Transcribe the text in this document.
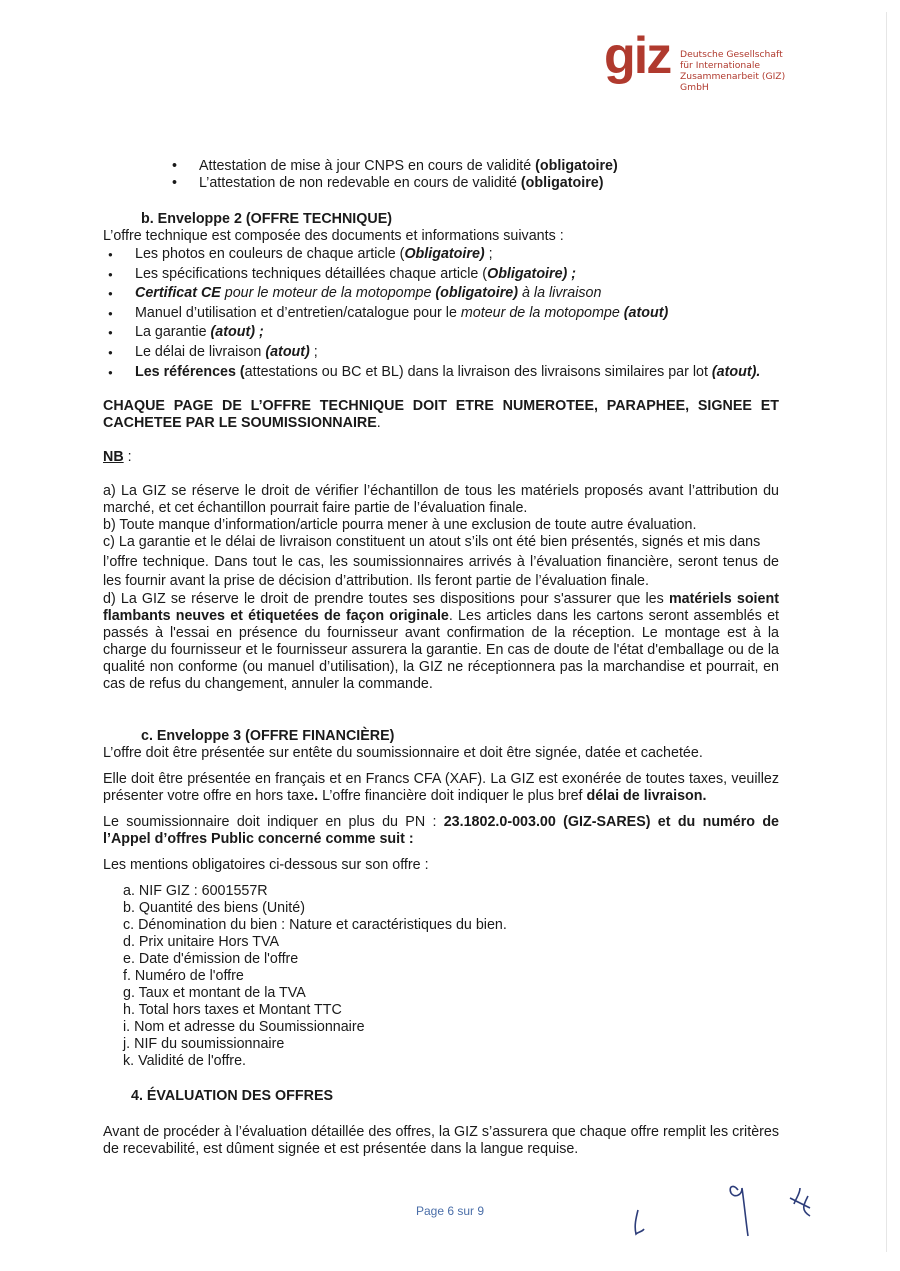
giz Deutsche Gesellschaft
für Internationale
Zusammenarbeit (GIZ) GmbH
• Attestation de mise à jour CNPS en cours de validité (obligatoire)
• L’attestation de non redevable en cours de validité (obligatoire)
b. Enveloppe 2 (OFFRE TECHNIQUE)
L’offre technique est composée des documents et informations suivants :
● Les photos en couleurs de chaque article (Obligatoire) ;
● Les spécifications techniques détaillées chaque article (Obligatoire) ;
● Certificat CE pour le moteur de la motopompe (obligatoire) à la livraison
● Manuel d’utilisation et d’entretien/catalogue pour le moteur de la motopompe (atout)
● La garantie (atout) ;
● Le délai de livraison (atout) ;
● Les références (attestations ou BC et BL) dans la livraison des livraisons similaires par lot (atout).
CHAQUE PAGE DE L’OFFRE TECHNIQUE DOIT ETRE NUMEROTEE, PARAPHEE, SIGNEE ET CACHETEE PAR LE SOUMISSIONNAIRE.
NB :
a) La GIZ se réserve le droit de vérifier l’échantillon de tous les matériels proposés avant l’attribution du marché, et cet échantillon pourrait faire partie de l’évaluation finale.
b) Toute manque d’information/article pourra mener à une exclusion de toute autre évaluation.
c) La garantie et le délai de livraison constituent un atout s’ils ont été bien présentés, signés et mis dans
l’offre technique. Dans tout le cas, les soumissionnaires arrivés à l’évaluation financière, seront tenus de les fournir avant la prise de décision d’attribution. Ils feront partie de l’évaluation finale.
d) La GIZ se réserve le droit de prendre toutes ses dispositions pour s'assurer que les matériels soient flambants neuves et étiquetées de façon originale. Les articles dans les cartons seront assemblés et passés à l'essai en présence du fournisseur avant confirmation de la réception. Le montage est à la charge du fournisseur et le fournisseur assurera la garantie. En cas de doute de l'état d'emballage ou de la qualité non conforme (ou manuel d’utilisation), la GIZ ne réceptionnera pas la marchandise et pourrait, en cas de refus du changement, annuler la commande.
c. Enveloppe 3 (OFFRE FINANCIÈRE)
L’offre doit être présentée sur entête du soumissionnaire et doit être signée, datée et cachetée.
Elle doit être présentée en français et en Francs CFA (XAF). La GIZ est exonérée de toutes taxes, veuillez présenter votre offre en hors taxe. L’offre financière doit indiquer le plus bref délai de livraison.
Le soumissionnaire doit indiquer en plus du PN : 23.1802.0-003.00 (GIZ-SARES) et du numéro de l’Appel d’offres Public concerné comme suit :
Les mentions obligatoires ci-dessous sur son offre :
a. NIF GIZ : 6001557R
b. Quantité des biens (Unité)
c. Dénomination du bien : Nature et caractéristiques du bien.
d. Prix unitaire Hors TVA
e. Date d'émission de l'offre
f. Numéro de l'offre
g. Taux et montant de la TVA
h. Total hors taxes et Montant TTC
i. Nom et adresse du Soumissionnaire
j. NIF du soumissionnaire
k. Validité de l'offre.
4. ÉVALUATION DES OFFRES
Avant de procéder à l’évaluation détaillée des offres, la GIZ s’assurera que chaque offre remplit les critères de recevabilité, est dûment signée et est présentée dans la langue requise.
Page 6 sur 9
